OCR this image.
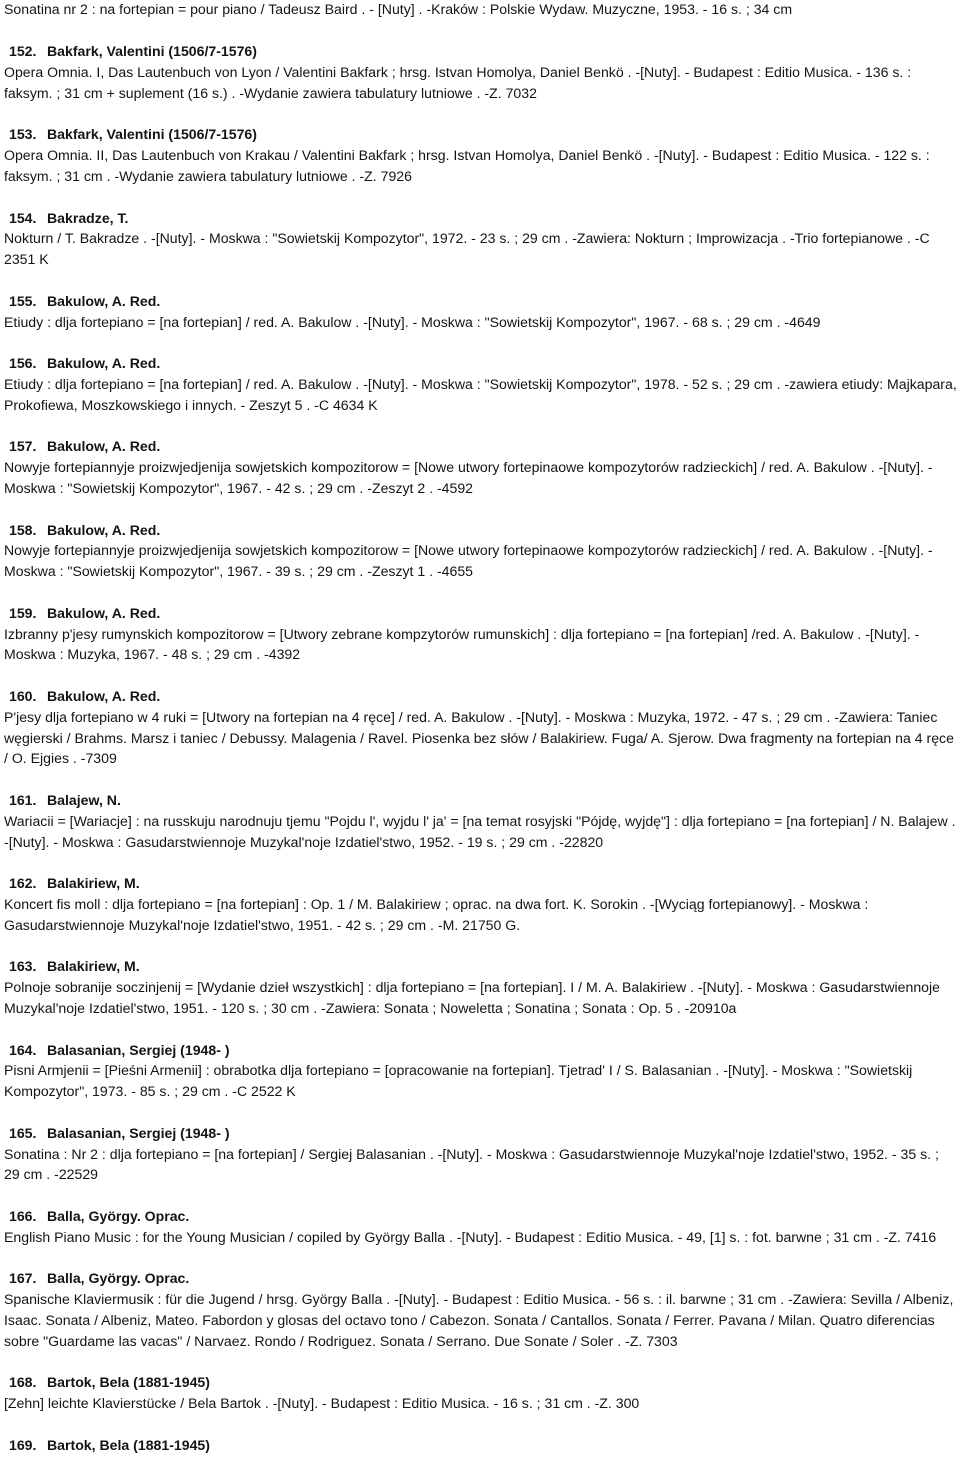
Sonatina nr 2 : na fortepian = pour piano / Tadeusz Baird . - [Nuty] . -Kraków : Polskie Wydaw. Muzyczne, 1953. - 16 s. ; 34 cm
152. Bakfark, Valentini (1506/7-1576)
Opera Omnia. I, Das Lautenbuch von Lyon / Valentini Bakfark ; hrsg. Istvan Homolya, Daniel Benkö . -[Nuty]. - Budapest : Editio Musica. - 136 s. : faksym. ; 31 cm + suplement (16 s.) . -Wydanie zawiera tabulatury lutniowe . -Z. 7032
153. Bakfark, Valentini (1506/7-1576)
Opera Omnia. II, Das Lautenbuch von Krakau / Valentini Bakfark ; hrsg. Istvan Homolya, Daniel Benkö . -[Nuty]. - Budapest : Editio Musica. - 122 s. : faksym. ; 31 cm . -Wydanie zawiera tabulatury lutniowe . -Z. 7926
154. Bakradze, T.
Nokturn / T. Bakradze . -[Nuty]. - Moskwa : "Sowietskij Kompozytor", 1972. - 23 s. ; 29 cm . -Zawiera: Nokturn ; Improwizacja . -Trio fortepianowe . -C 2351 K
155. Bakulow, A. Red.
Etiudy : dlja fortepiano = [na fortepian] / red. A. Bakulow . -[Nuty]. - Moskwa : "Sowietskij Kompozytor", 1967. - 68 s. ; 29 cm . -4649
156. Bakulow, A. Red.
Etiudy : dlja fortepiano = [na fortepian] / red. A. Bakulow . -[Nuty]. - Moskwa : "Sowietskij Kompozytor", 1978. - 52 s. ; 29 cm . -zawiera etiudy: Majkapara, Prokofiewa, Moszkowskiego i innych. - Zeszyt 5 . -C 4634 K
157. Bakulow, A. Red.
Nowyje fortepiannyje proizwjedjenija sowjetskich kompozitorow = [Nowe utwory fortepinaowe kompozytorów radzieckich] / red. A. Bakulow . -[Nuty]. - Moskwa : "Sowietskij Kompozytor", 1967. - 42 s. ; 29 cm . -Zeszyt 2 . -4592
158. Bakulow, A. Red.
Nowyje fortepiannyje proizwjedjenija sowjetskich kompozitorow = [Nowe utwory fortepinaowe kompozytorów radzieckich] / red. A. Bakulow . -[Nuty]. - Moskwa : "Sowietskij Kompozytor", 1967. - 39 s. ; 29 cm . -Zeszyt 1 . -4655
159. Bakulow, A. Red.
Izbranny p'jesy rumynskich kompozitorow = [Utwory zebrane kompzytorów rumunskich] : dlja fortepiano = [na fortepian] /red. A. Bakulow . -[Nuty]. - Moskwa : Muzyka, 1967. - 48 s. ; 29 cm . -4392
160. Bakulow, A. Red.
P'jesy dlja fortepiano w 4 ruki = [Utwory na fortepian na 4 ręce] / red. A. Bakulow . -[Nuty]. - Moskwa : Muzyka, 1972. - 47 s. ; 29 cm . -Zawiera: Taniec węgierski / Brahms. Marsz i taniec / Debussy. Malagenia / Ravel. Piosenka bez słów / Balakiriew. Fuga/ A. Sjerow. Dwa fragmenty na fortepian na 4 ręce / O. Ejgies . -7309
161. Balajew, N.
Wariacii = [Wariacje] : na russkuju narodnuju tjemu "Pojdu l', wyjdu l' ja' = [na temat rosyjski "Pójdę, wyjdę"] : dlja fortepiano = [na fortepian] / N. Balajew . -[Nuty]. - Moskwa : Gasudarstwiennoje Muzykal'noje Izdatiel'stwo, 1952. - 19 s. ; 29 cm . -22820
162. Balakiriew, M.
Koncert fis moll : dlja fortepiano = [na fortepian] : Op. 1 / M. Balakiriew ; oprac. na dwa fort. K. Sorokin . -[Wyciąg fortepianowy]. - Moskwa : Gasudarstwiennoje Muzykal'noje Izdatiel'stwo, 1951. - 42 s. ; 29 cm . -M. 21750 G.
163. Balakiriew, M.
Polnoje sobranije soczinjenij = [Wydanie dzieł wszystkich] : dlja fortepiano = [na fortepian]. I / M. A. Balakiriew . -[Nuty]. - Moskwa : Gasudarstwiennoje Muzykal'noje Izdatiel'stwo, 1951. - 120 s. ; 30 cm . -Zawiera: Sonata ; Noweletta ; Sonatina ; Sonata : Op. 5 . -20910a
164. Balasanian, Sergiej (1948- )
Pisni Armjenii = [Pieśni Armenii] : obrabotka dlja fortepiano = [opracowanie na fortepian]. Tjetrad' I / S. Balasanian . -[Nuty]. - Moskwa : "Sowietskij Kompozytor", 1973. - 85 s. ; 29 cm . -C 2522 K
165. Balasanian, Sergiej (1948- )
Sonatina : Nr 2 : dlja fortepiano = [na fortepian] / Sergiej Balasanian . -[Nuty]. - Moskwa : Gasudarstwiennoje Muzykal'noje Izdatiel'stwo, 1952. - 35 s. ; 29 cm . -22529
166. Balla, György. Oprac.
English Piano Music : for the Young Musician / copiled by György Balla . -[Nuty]. - Budapest : Editio Musica. - 49, [1] s. : fot. barwne ; 31 cm . -Z. 7416
167. Balla, György. Oprac.
Spanische Klaviermusik : für die Jugend / hrsg. György Balla . -[Nuty]. - Budapest : Editio Musica. - 56 s. : il. barwne ; 31 cm . -Zawiera: Sevilla / Albeniz, Isaac. Sonata / Albeniz, Mateo. Fabordon y glosas del octavo tono / Cabezon. Sonata / Cantallos. Sonata / Ferrer. Pavana / Milan. Quatro diferencias sobre "Guardame las vacas" / Narvaez. Rondo / Rodriguez. Sonata / Serrano. Due Sonate / Soler . -Z. 7303
168. Bartok, Bela (1881-1945)
[Zehn] leichte Klavierstücke / Bela Bartok . -[Nuty]. - Budapest : Editio Musica. - 16 s. ; 31 cm . -Z. 300
169. Bartok, Bela (1881-1945)
